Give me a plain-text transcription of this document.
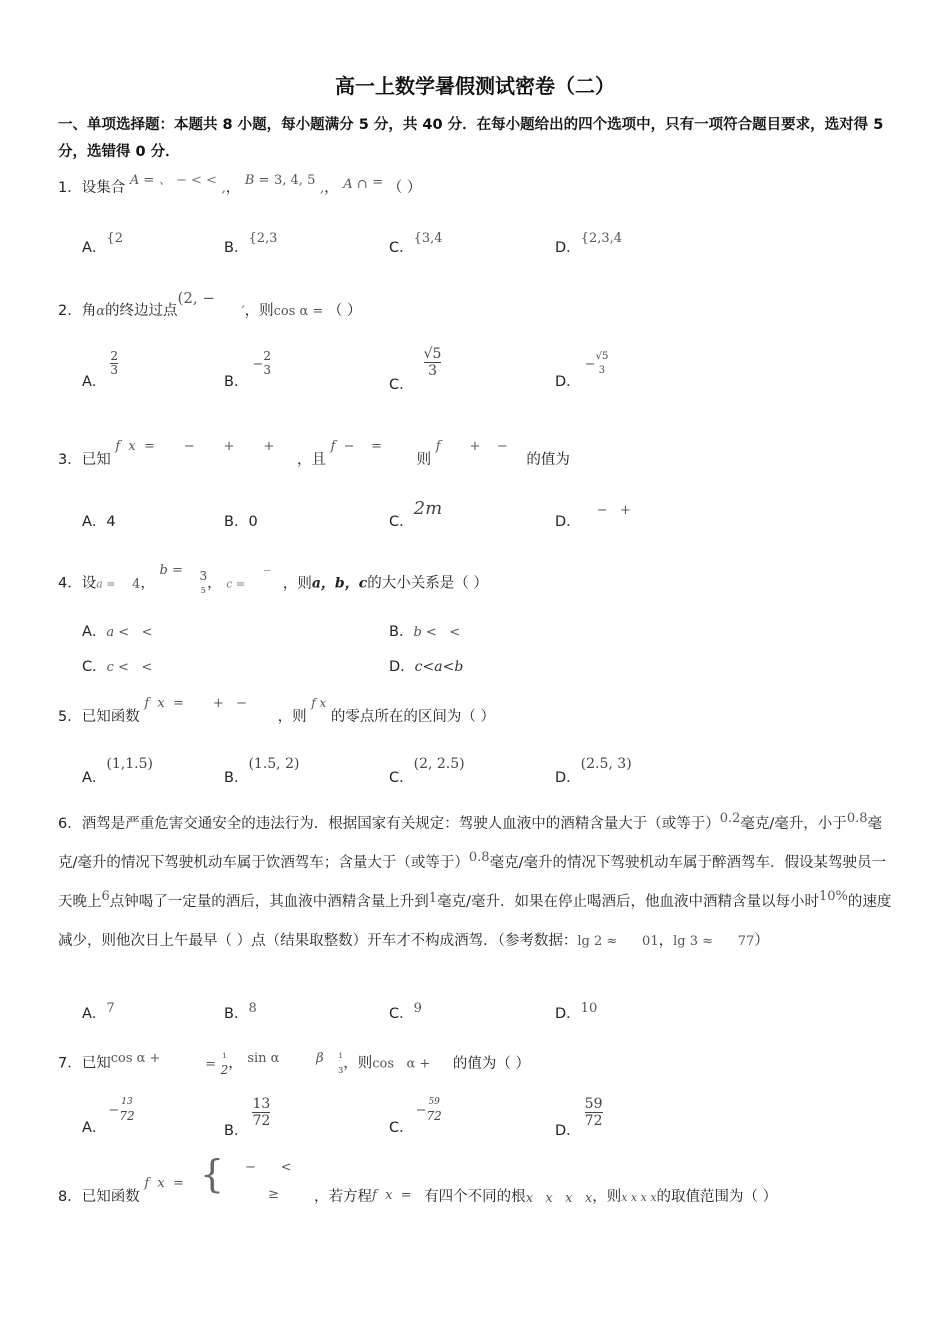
高一上数学暑假测试密卷（二）
一、单项选择题：本题共 8 小题，每小题满分 5 分，共 40 分．在每小题给出的四个选项中，只有一项符合题目要求，选对得 5 分，选错得 0 分．
1．设集合 A = 、 − < < ,， B = 3, 4, 5 ,， A ∩ = （ ）
A．{2
B．{2,3
C．{3,4
D．{2,3,4
2．角α的终边过点(2, − ′，则cos α = （ ）
A．
$\frac{2}{3}$
B．− $\frac{2}{3}$
C．
$\frac{√5}{3}$
D．− $\frac{√5}{3}$
3．已知 f  x  =       −       +       + ，且 f  −    = 则 f       +    − 的值为
A．4	B．0	C．2m
D．−   +
4．设a = 4， $b = \frac{3}{5}$ ， c = ‾ ，则a，b，c的大小关系是（ ）
A．a <   <	B．b <   <
C．c <   <	D．c<a<b
5．已知函数 f  x  =       +   − ，则 $^{f x}$ 的零点所在的区间为（ ）
A．(1,1.5)
B．(1.5, 2)
C．(2, 2.5)
D．(2.5, 3)
6．酒驾是严重危害交通安全的违法行为．根据国家有关规定：驾驶人血液中的酒精含量大于（或等于）0.2毫克/毫升，小于0.8毫克/毫升的情况下驾驶机动车属于饮酒驾车；含量大于（或等于）0.8毫克/毫升的情况下驾驶机动车属于醉酒驾车．假设某驾驶员一天晚上6点钟喝了一定量的酒后，其血液中酒精含量上升到1毫克/毫升．如果在停止喝酒后，他血液中酒精含量以每小时10%的速度减少，则他次日上午最早（ ）点（结果取整数）开车才不构成酒驾．（参考数据：lg 2 ≈      01，lg 3 ≈      77）
A．7	B．8	C．9	D．10
7．已知cos α +	= $\frac{1}{2}$ ， sin α	β $\frac{1}{3}$ ，则cos   α + 的值为（ ）
A．− $\frac{13}{72}$
B．
$\frac{13}{72}$	C．− $\frac{59}{72}$
D．
$\frac{59}{72}$
8．已知函数 f  x  = { −      <
≥ ，若方程f  x  = 有四个不同的根x   x   x   x，则x x x x的取值范围为（ ）
